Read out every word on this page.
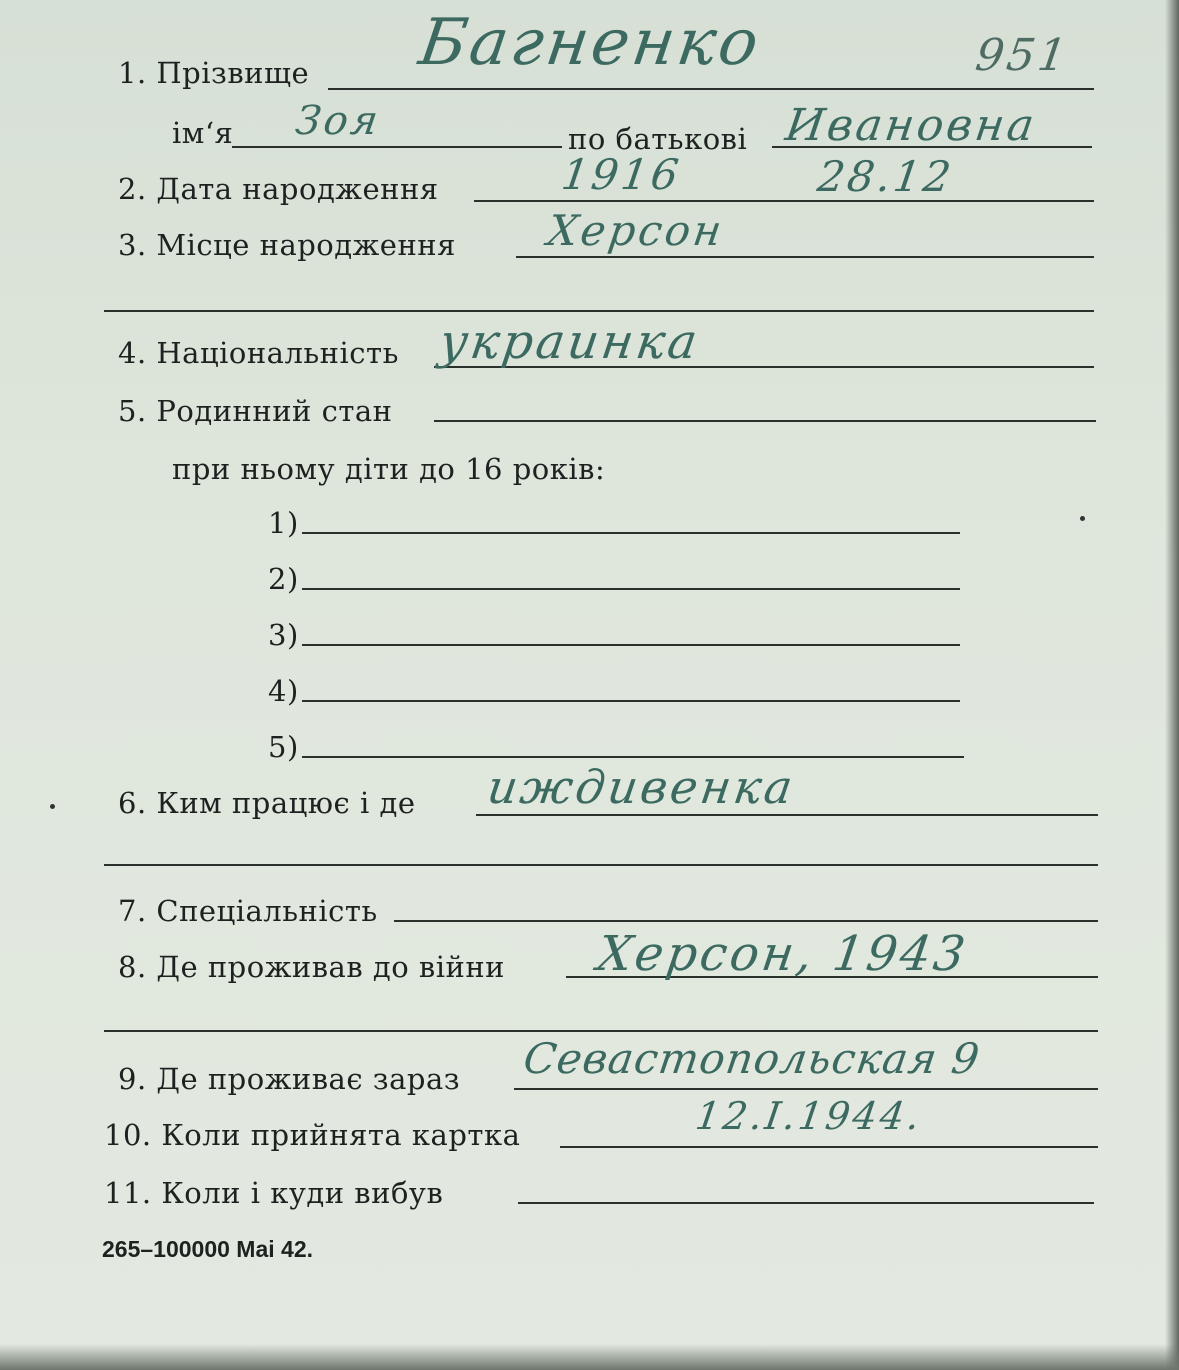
1. Прізвище Бaгненко	951
ім‘я Зоя	по батькові Ивановна
2. Дата народження	1916	28.12
3. Місце народження Херсон
4. Національність украинка
5. Родинний стан
при ньому діти до 16 років:
1)
2)
3)
4)
5)
6. Ким працює і де иждивенка
7. Спеціальність
8. Де проживав до війни Херсон, 1943
9. Де проживає зараз Севастопольская 9
10. Коли прийнята картка	12.I.1944.
11. Коли і куди вибув
265–100000 Mai 42.
